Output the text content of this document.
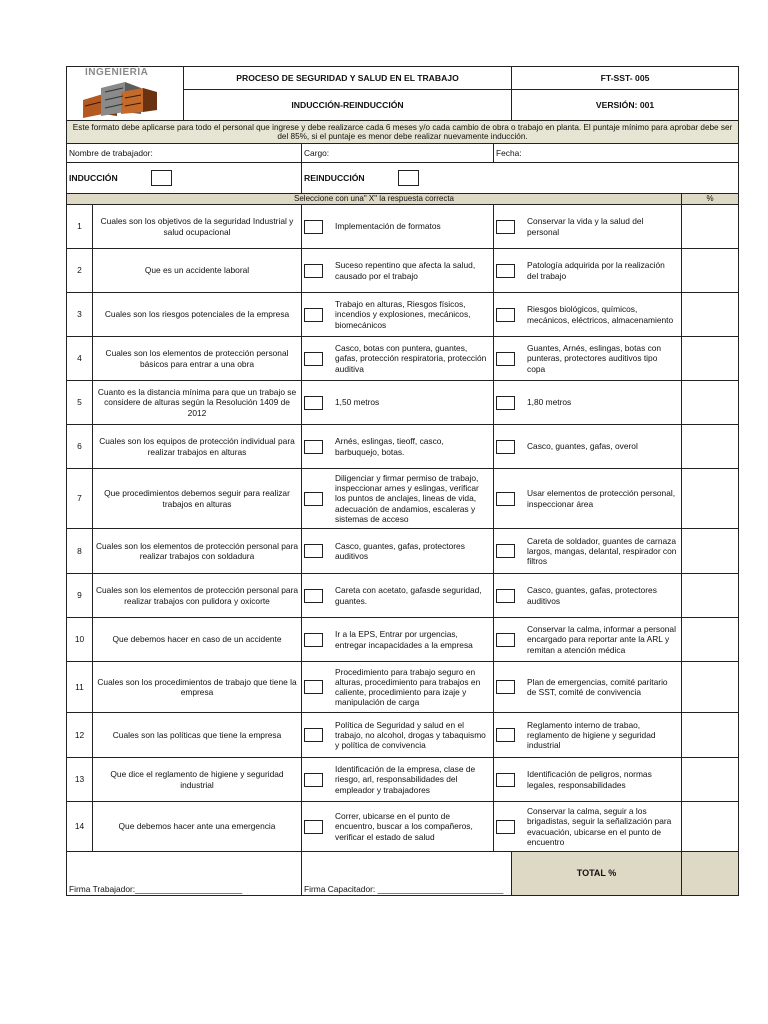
INGENIERÍA		PROCESO DE SEGURIDAD Y SALUD EN EL TRABAJO			FT-SST- 005	
		INDUCCIÓN-REINDUCCIÓN			VERSIÓN: 001	
Este formato debe aplicarse para todo el personal que ingrese y debe realizarce cada 6 meses y/o cada cambio de obra o trabajo en planta. El puntaje mínimo para aprobar debe ser del 85%, si el puntaje es menor debe realizar nuevamente inducción.						
Nombre de trabajador:			Cargo:	Fecha:		

INDUCCIÓN			REINDUCCIÓN			

Seleccione con una" X" la respuesta correcta						%
1	Cuales son los objetivos de la seguridad Industrial y salud ocupacional		Implementación de formatos	Conservar la vida y la salud del personal		

2	Que es un accidente laboral		Suceso repentino que afecta la salud, causado por el trabajo	Patología adquirida por la realización del trabajo		

3	Cuales son los riesgos potenciales de la empresa		Trabajo en alturas, Riesgos físicos, incendios y explosiones, mecánicos, biomecánicos	Riesgos biológicos, químicos, mecánicos, eléctricos, almacenamiento		

4	Cuales son los elementos de protección personal básicos para entrar a una obra		Casco, botas con puntera, guantes, gafas, protección respiratoria, protección auditiva	Guantes, Arnés, eslingas, botas con punteras, protectores auditivos tipo copa		

5	Cuanto es la distancia mínima para que un trabajo se considere de alturas según la Resolución 1409 de 2012		1,50 metros	1,80 metros		

6	Cuales son los equipos de protección individual para realizar trabajos en alturas		Arnés, eslingas, tieoff, casco, barbuquejo, botas.	Casco, guantes, gafas, overol		

7	Que procedimientos debemos seguir para realizar trabajos en alturas		Diligenciar y firmar permiso de trabajo, inspeccionar arnes y eslingas, verificar los puntos de anclajes, lineas de vida, adecuación de andamios, escaleras y sistemas de acceso	Usar elementos de protección personal, inspeccionar área		

8	Cuales son los elementos de protección personal para realizar trabajos con soldadura		Casco, guantes, gafas, protectores auditivos	Careta de soldador, guantes de carnaza largos, mangas, delantal, respirador con filtros		

9	Cuales son los elementos de protección personal para realizar trabajos con pulidora y oxicorte		Careta con acetato, gafasde seguridad, guantes.	Casco, guantes, gafas, protectores auditivos		

10	Que debemos hacer en caso de un accidente		Ir a la EPS, Entrar por urgencias, entregar incapacidades a la empresa	Conservar la calma, informar a personal encargado para reportar ante la ARL y remitan a atención médica		

11	Cuales son los procedimientos de trabajo que tiene la empresa		Procedimiento para trabajo seguro en alturas, procedimiento para trabajos en caliente, procedimiento para izaje y manipulación de carga	Plan de emergencias, comité paritario de SST, comité de convivencia		

12	Cuales son las políticas que tiene la empresa		Política de Seguridad y salud en el trabajo, no alcohol, drogas y tabaquismo y política de convivencia	Reglamento interno de trabao, reglamento de higiene y seguridad industrial		

13	Que dice el reglamento de higiene y seguridad industrial		Identificación de la empresa, clase de riesgo, arl, responsabilidades del empleador y trabajadores	Identificación de peligros, normas legales, responsabilidades		

14	Que debemos hacer ante una emergencia		Correr, ubicarse en el punto de encuentro, buscar a los compañeros, verificar el estado de salud	Conservar la calma, seguir a los brigadistas, seguir la señalización para evacuación, ubicarse en el punto de encuentro		

Firma Trabajador:_______________________			Firma Capacitador: ___________________________		TOTAL %	
